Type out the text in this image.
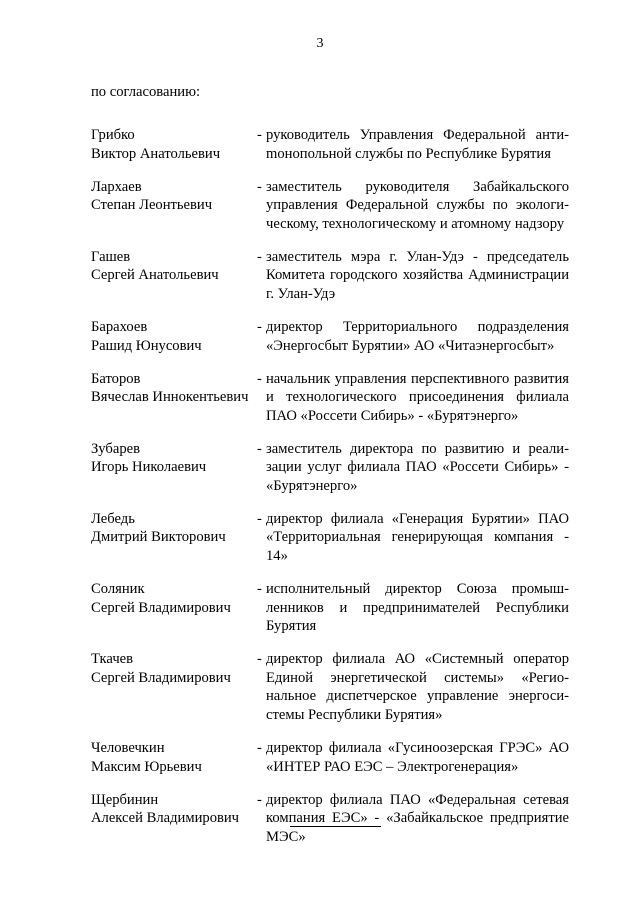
3
по согласованию:
Грибко
Виктор Анатольевич
- руководитель Управления Федеральной антиmонопольной службы по Республике Бурятия
Лархаев
Степан Леонтьевич
- заместитель руководителя Забайкальского управления Федеральной службы по экологическому, технологическому и атомному надзору
Гашев
Сергей Анатольевич
- заместитель мэра г. Улан-Удэ - председатель Комитета городского хозяйства Администрации г. Улан-Удэ
Барахоев
Рашид Юнусович
- директор Территориального подразделения «Энергосбыт Бурятии» АО «Читаэнергосбыт»
Баторов
Вячеслав Иннокентьевич
- начальник управления перспективного развития и технологического присоединения филиала ПАО «Россети Сибирь» - «Бурятэнерго»
Зубарев
Игорь Николаевич
- заместитель директора по развитию и реализации услуг филиала ПАО «Россети Сибирь» - «Бурятэнерго»
Лебедь
Дмитрий Викторович
- директор филиала «Генерация Бурятии» ПАО «Территориальная генерирующая компания - 14»
Соляник
Сергей Владимирович
- исполнительный директор Союза промышленников и предпринимателей Республики Бурятия
Ткачев
Сергей Владимирович
- директор филиала АО «Системный оператор Единой энергетической системы» «Региональное диспетчерское управление энергосистемы Республики Бурятия»
Человечкин
Максим Юрьевич
- директор филиала «Гусиноозерская ГРЭС» АО «ИНТЕР РАО ЕЭС – Электрогенерация»
Щербинин
Алексей Владимирович
- директор филиала ПАО «Федеральная сетевая компания ЕЭС» - «Забайкальское предприятие МЭС»
